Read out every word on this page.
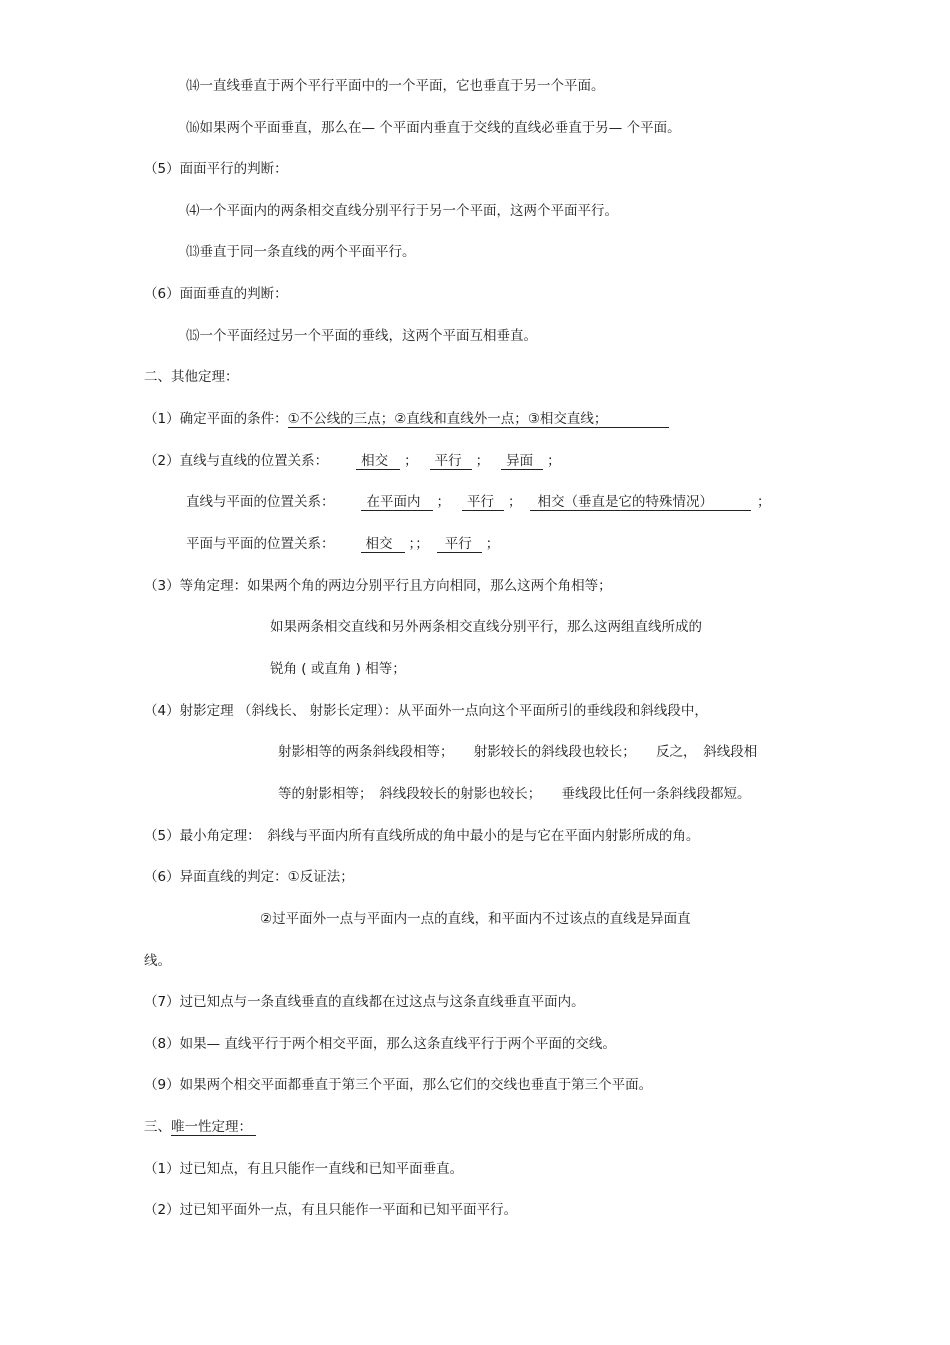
⒁一直线垂直于两个平行平面中的一个平面，它也垂直于另一个平面。
⒃如果两个平面垂直，那么在— 个平面内垂直于交线的直线必垂直于另— 个平面。
（5）面面平行的判断：
⑷一个平面内的两条相交直线分别平行于另一个平面，这两个平面平行。
⒀垂直于同一条直线的两个平面平行。
（6）面面垂直的判断：
⒂一个平面经过另一个平面的垂线，这两个平面互相垂直。
二、其他定理：
（1）确定平面的条件：①不公线的三点；②直线和直线外一点；③相交直线；
（2）直线与直线的位置关系： 相交 ； 平行 ； 异面 ；
直线与平面的位置关系： 在平面内 ； 平行 ； 相交（垂直是它的特殊情况）	；
平面与平面的位置关系： 相交 ；； 平行 ；
（3）等角定理：如果两个角的两边分别平行且方向相同，那么这两个角相等；
如果两条相交直线和另外两条相交直线分别平行，那么这两组直线所成的
锐角 ( 或直角 ) 相等；
（4）射影定理 （斜线长、 射影长定理）：从平面外一点向这个平面所引的垂线段和斜线段中，
射影相等的两条斜线段相等；　　射影较长的斜线段也较长；　　反之，　斜线段相
等的射影相等；　斜线段较长的射影也较长；　　垂线段比任何一条斜线段都短。
（5）最小角定理：　斜线与平面内所有直线所成的角中最小的是与它在平面内射影所成的角。
（6）异面直线的判定：①反证法；
②过平面外一点与平面内一点的直线，和平面内不过该点的直线是异面直
线。
（7）过已知点与一条直线垂直的直线都在过这点与这条直线垂直平面内。
（8）如果— 直线平行于两个相交平面，那么这条直线平行于两个平面的交线。
（9）如果两个相交平面都垂直于第三个平面，那么它们的交线也垂直于第三个平面。
三、唯一性定理：
（1）过已知点，有且只能作一直线和已知平面垂直。
（2）过已知平面外一点，有且只能作一平面和已知平面平行。
